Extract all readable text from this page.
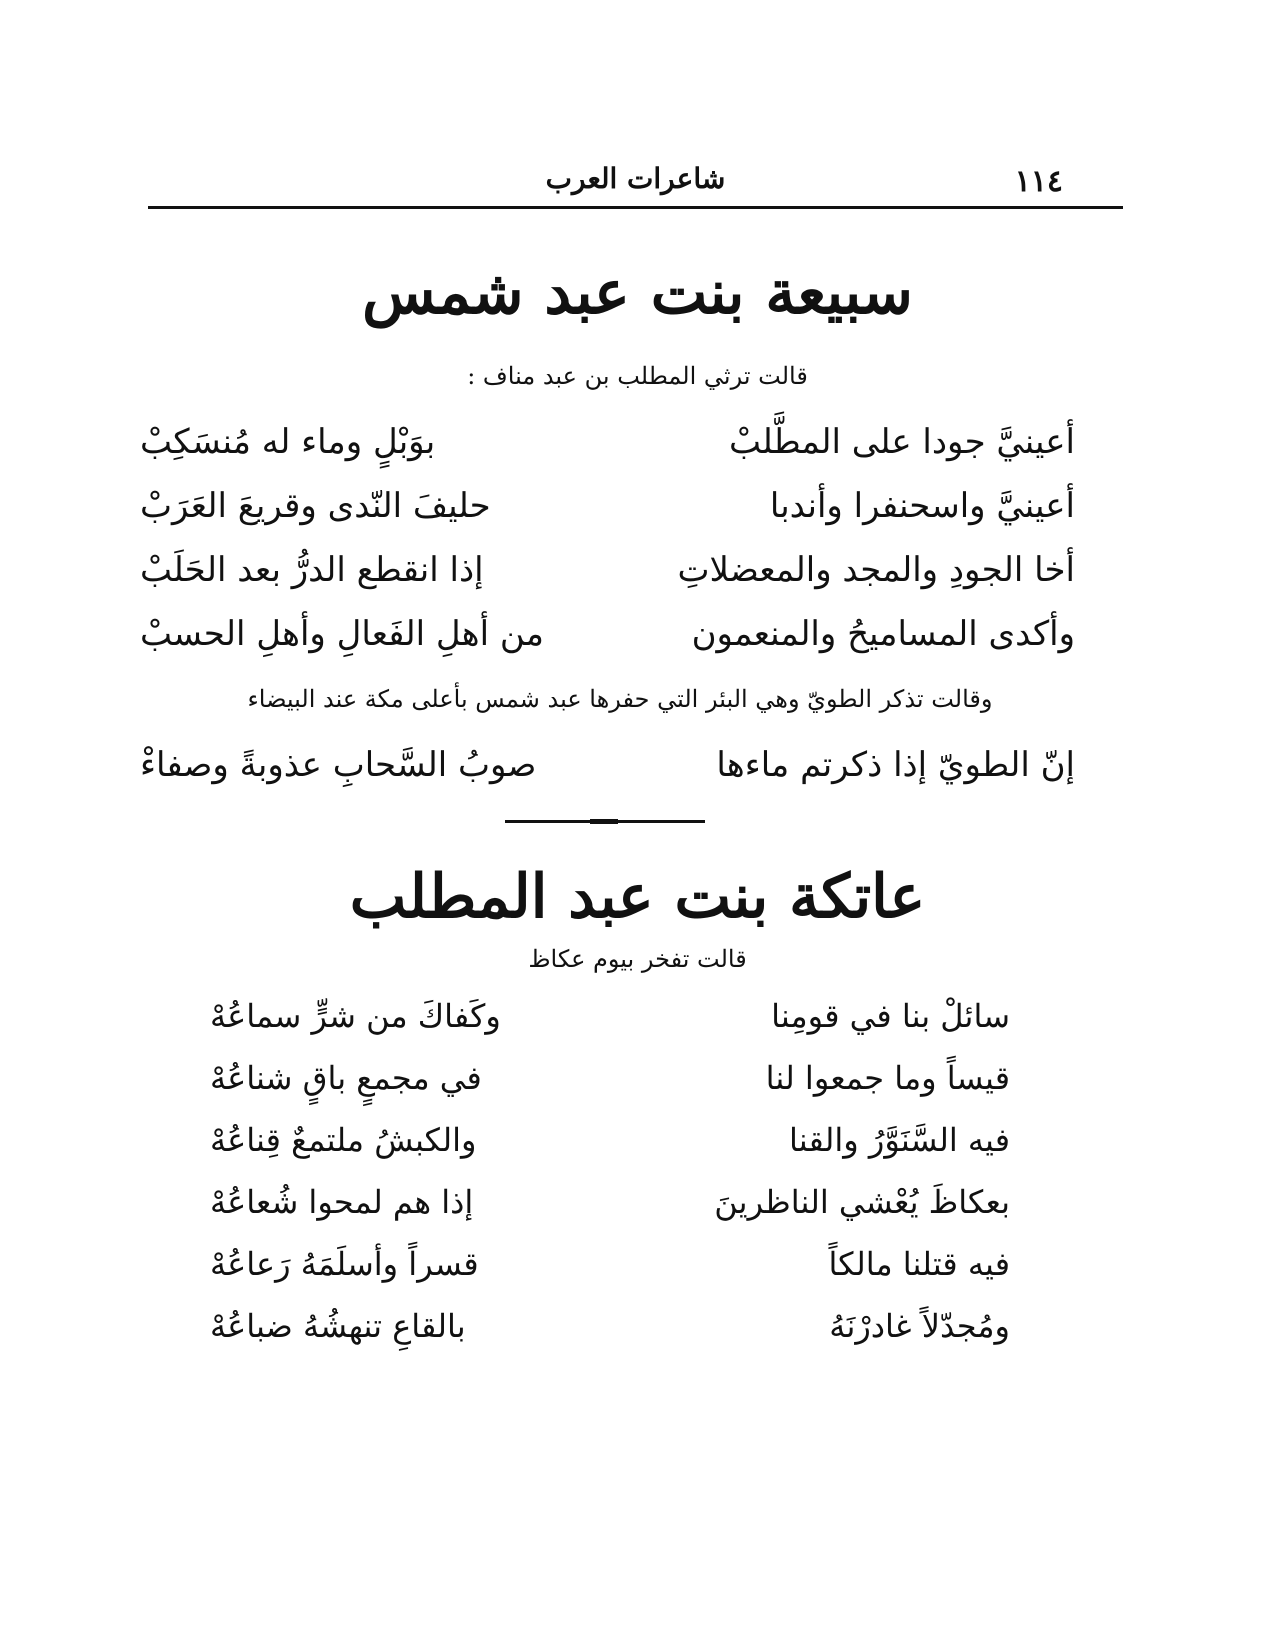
١١٤
شاعرات العرب
سبيعة بنت عبد شمس
قالت ترثي المطلب بن عبد مناف :
أعينيَّ جودا على المطَّلبْ
بوَبْلٍ وماء له مُنسَكِبْ
أعينيَّ واسحنفرا وأندبا
حليفَ النّدى وقريعَ العَرَبْ
أخا الجودِ والمجد والمعضلاتِ
إذا انقطع الدرُّ بعد الحَلَبْ
وأكدى المساميحُ والمنعمون
من أهلِ الفَعالِ وأهلِ الحسبْ
وقالت تذكر الطويّ وهي البئر التي حفرها عبد شمس بأعلى مكة عند البيضاء
إنّ الطويّ إذا ذكرتم ماءها
صوبُ السَّحابِ عذوبةً وصفاءْ
عاتكة بنت عبد المطلب
قالت تفخر بيوم عكاظ
سائلْ بنا في قومِنا
وكَفاكَ من شرٍّ سماعُهْ
قيساً وما جمعوا لنا
في مجمعٍ باقٍ شناعُهْ
فيه السَّنَوَّرُ والقنا
والكبشُ ملتمعٌ قِناعُهْ
بعكاظَ يُعْشي الناظرينَ
إذا هم لمحوا شُعاعُهْ
فيه قتلنا مالكاً
قسراً وأسلَمَهُ رَعاعُهْ
ومُجدّلاً غادرْنَهُ
بالقاعِ تنهشُهُ ضباعُهْ
